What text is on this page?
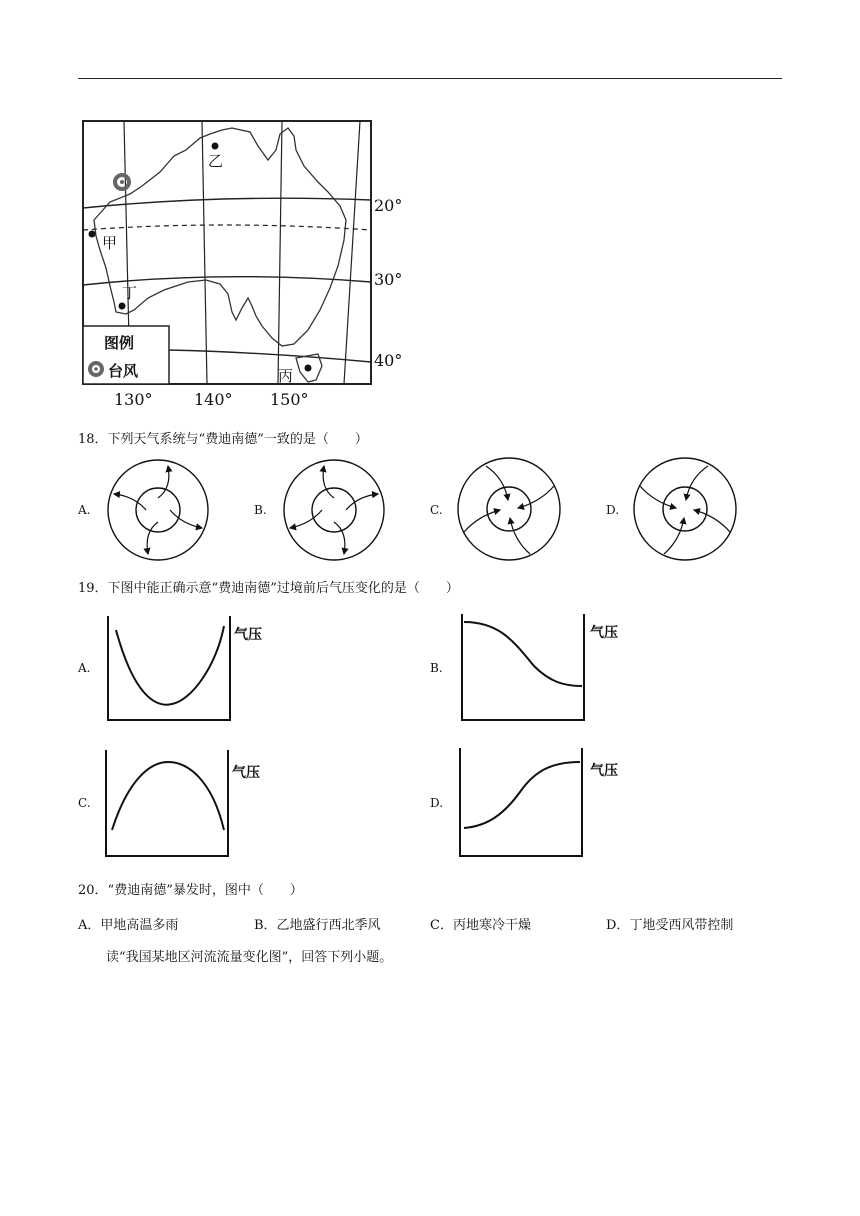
乙
甲
丁
丙
图例
台风
20°
30°
40°
130°	140° 150°
18．下列天气系统与“费迪南德”一致的是（　　）
A.	B.	C.	D.
19．下图中能正确示意“费迪南德”过境前后气压变化的是（　　）
A.	B.
C.	D.
气压	气压
气压	气压
20．“费迪南德”暴发时，图中（　　）
A．甲地高温多雨	B．乙地盛行西北季风	C．丙地寒冷干燥	D．丁地受西风带控制
读“我国某地区河流流量变化图”，回答下列小题。
